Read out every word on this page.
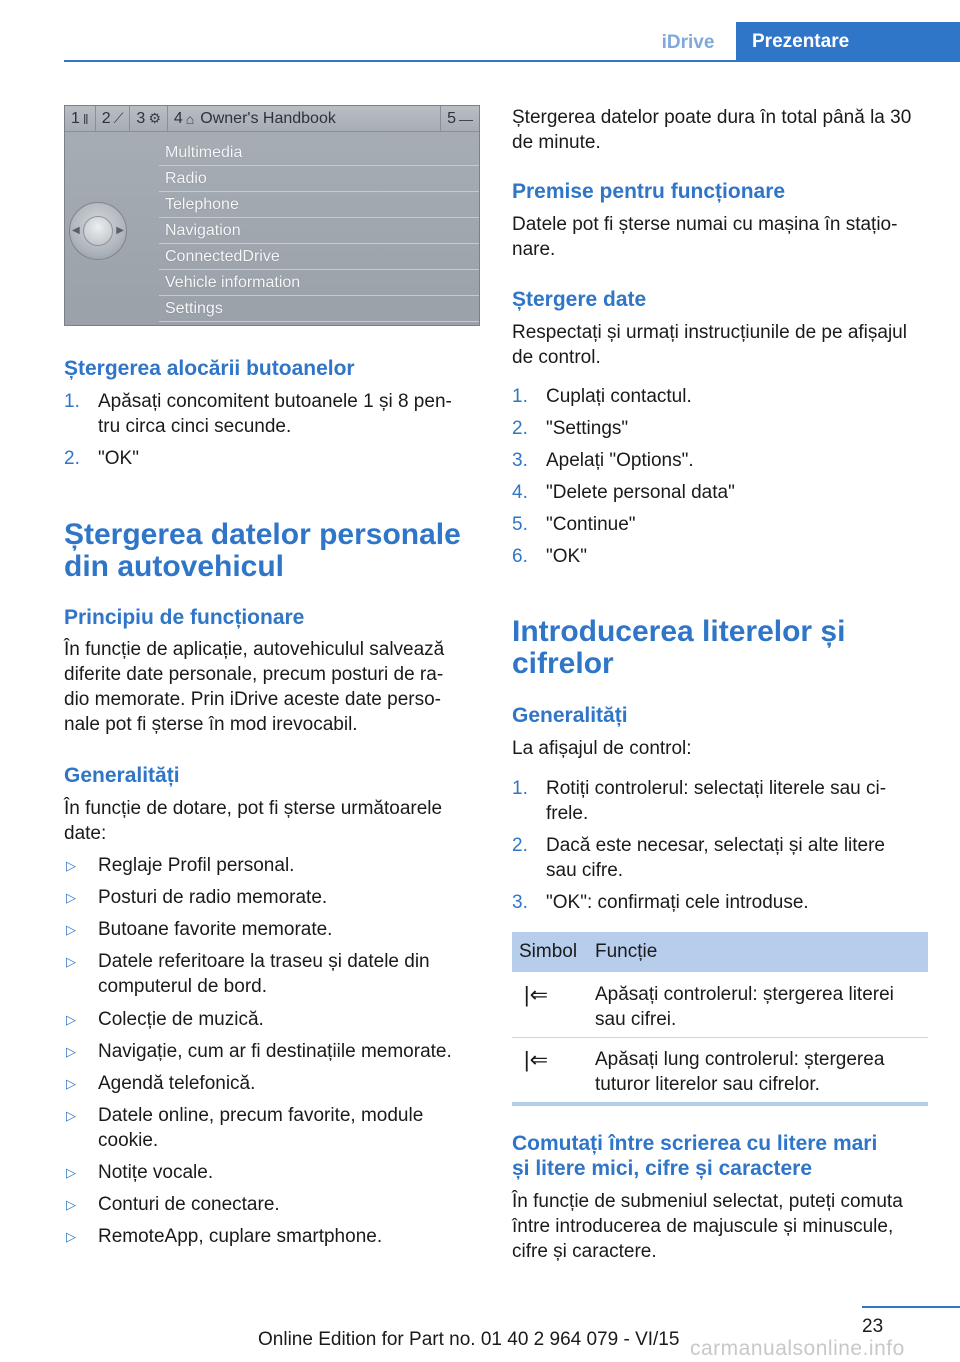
iDrive	Prezentare
1 ǁ 2 ⟋ 3 ⚙ 4 ⌂ Owner's Handbook	5 —
◀	▶
Multimedia
Radio
Telephone
Navigation
ConnectedDrive
Vehicle information
Settings
Ștergerea alocării butoanelor
1. Apăsați concomitent butoanele 1 și 8 pen‐
tru circa cinci secunde.
2. "OK"
Ștergerea datelor personale
din autovehicul
Principiu de funcționare
În funcție de aplicație, autovehiculul salvează
diferite date personale, precum posturi de ra‐
dio memorate. Prin iDrive aceste date perso‐
nale pot fi șterse în mod irevocabil.
Generalități
În funcție de dotare, pot fi șterse următoarele
date:
▷ Reglaje Profil personal.
▷ Posturi de radio memorate.
▷ Butoane favorite memorate.
▷ Datele referitoare la traseu și datele din
computerul de bord.
▷ Colecție de muzică.
▷ Navigație, cum ar fi destinațiile memorate.
▷ Agendă telefonică.
▷ Datele online, precum favorite, module
cookie.
▷ Notițe vocale.
▷ Conturi de conectare.
▷ RemoteApp, cuplare smartphone.
Ștergerea datelor poate dura în total până la 30
de minute.
Premise pentru funcționare
Datele pot fi șterse numai cu mașina în stațio‐
nare.
Ștergere date
Respectați și urmați instrucțiunile de pe afișajul
de control.
1. Cuplați contactul.
2. "Settings"
3. Apelați "Options".
4. "Delete personal data"
5. "Continue"
6. "OK"
Introducerea literelor și
cifrelor
Generalități
La afișajul de control:
1. Rotiți controlerul: selectați literele sau ci‐
frele.
2. Dacă este necesar, selectați și alte litere
sau cifre.
3. "OK": confirmați cele introduse.
Simbol Funcție
|⇐	Apăsați controlerul: ștergerea literei
sau cifrei.
|⇐	Apăsați lung controlerul: ștergerea
tuturor literelor sau cifrelor.
Comutați între scrierea cu litere mari
și litere mici, cifre și caractere
În funcție de submeniul selectat, puteți comuta
între introducerea de majuscule și minuscule,
cifre și caractere.
23
Online Edition for Part no. 01 40 2 964 079 - VI/15 carmanualsonline.info
